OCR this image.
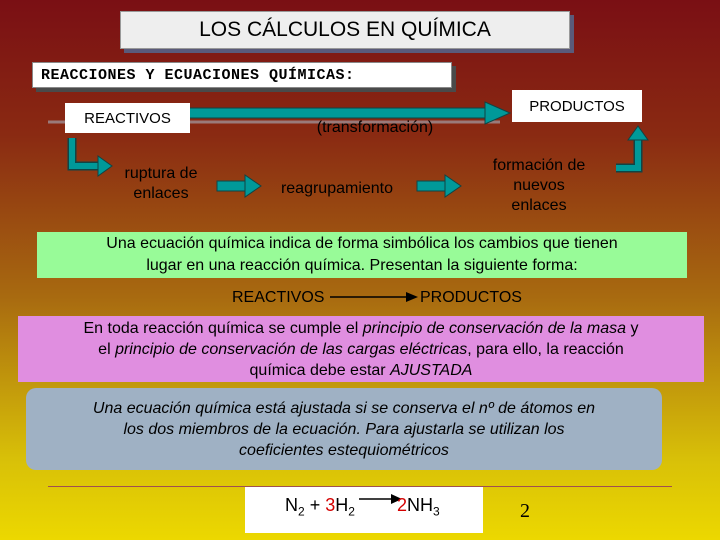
LOS CÁLCULOS EN QUÍMICA
REACCIONES Y ECUACIONES QUÍMICAS:
REACTIVOS
(transformación)
PRODUCTOS
ruptura de
enlaces	reagrupamiento
formación de
nuevos
enlaces
Una ecuación química indica de forma simbólica los cambios que tienen
lugar en una reacción química. Presentan la siguiente forma:
REACTIVOS	PRODUCTOS
En toda reacción química se cumple el principio de conservación de la masa y
el principio de conservación de las cargas eléctricas, para ello, la reacción
química debe estar AJUSTADA
Una ecuación química está ajustada si se conserva el nº de átomos en
los dos miembros de la ecuación. Para ajustarla se utilizan los
coeficientes estequiométricos
$N_2 + 3H_2$ $2NH_3$	2
